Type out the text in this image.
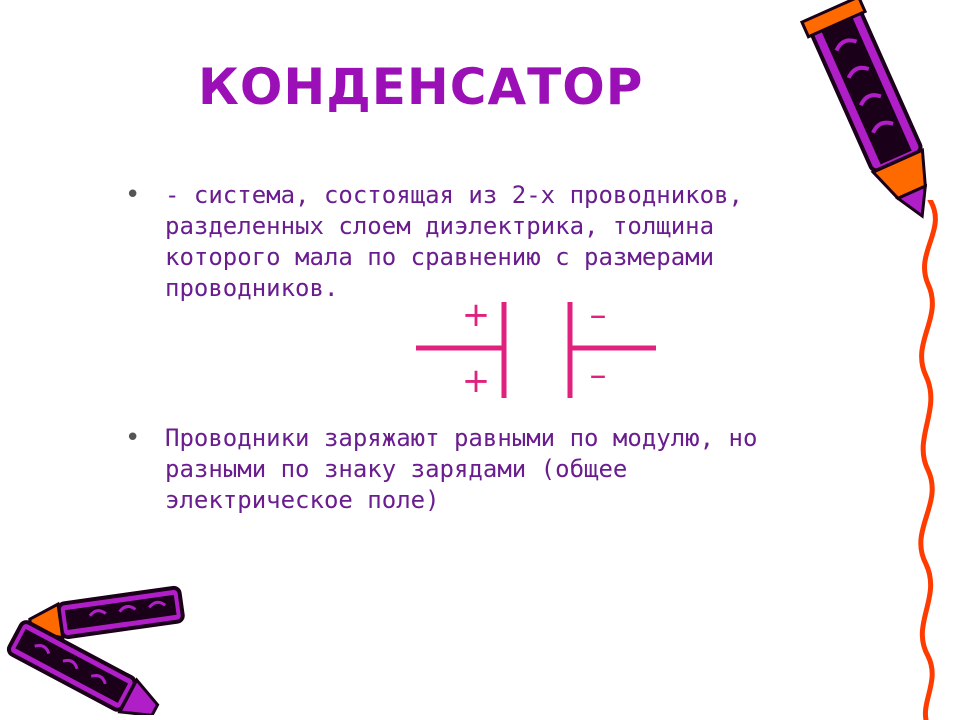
КОНДЕНСАТОР
• - система, состоящая из 2-х проводников,
разделенных слоем диэлектрика, толщина
которого мала по сравнению с размерами
проводников.
+
+
–
–
• Проводники заряжают равными по модулю, но
разными по знаку зарядами (общее
электрическое поле)
